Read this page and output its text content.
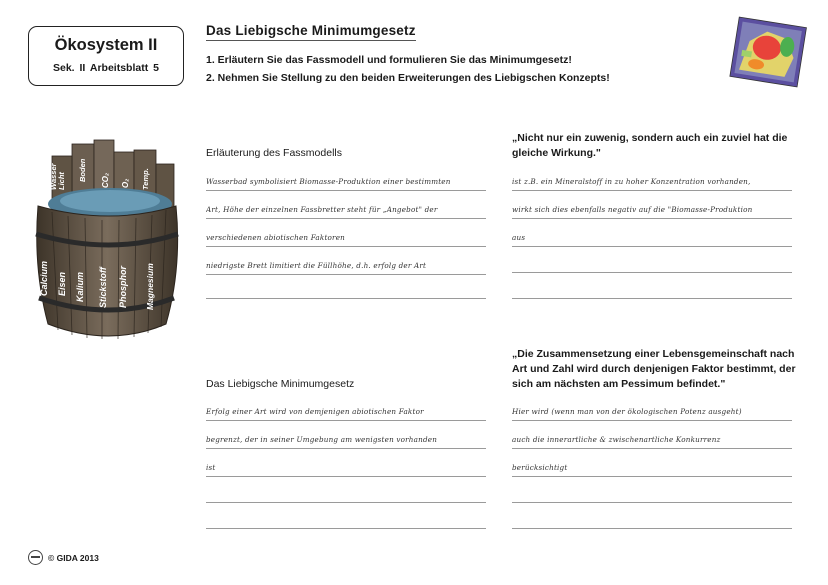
Ökosystem II
Sek. II Arbeitsblatt 5
Das Liebigsche Minimumgesetz
1. Erläutern Sie das Fassmodell und formulieren Sie das Minimumgesetz!
2. Nehmen Sie Stellung zu den beiden Erweiterungen des Liebigschen Konzepts!
Calcium Eisen Kalium Stickstoff Phosphor
Wasser Licht Boden CO₂ O₂ Temp.
Magnesium
Erläuterung des Fassmodells
Wasserbad symbolisiert Biomasse-Produktion einer bestimmten
Art, Höhe der einzelnen Fassbretter steht für „Angebot" der
verschiedenen abiotischen Faktoren
niedrigste Brett limitiert die Füllhöhe, d.h. erfolg der Art
„Nicht nur ein zuwenig, sondern auch ein zuviel hat die gleiche Wirkung."
ist z.B. ein Mineralstoff in zu hoher Konzentration vorhanden,
wirkt sich dies ebenfalls negativ auf die "Biomasse-Produktion
aus
Das Liebigsche Minimumgesetz
Erfolg einer Art wird von demjenigen abiotischen Faktor
begrenzt, der in seiner Umgebung am wenigsten vorhanden
ist
„Die Zusammensetzung einer Lebensgemeinschaft nach Art und Zahl wird durch denjenigen Faktor bestimmt, der sich am nächsten am Pessimum befindet."
Hier wird (wenn man von der ökologischen Potenz ausgeht)
auch die innerartliche & zwischenartliche Konkurrenz
berücksichtigt
© GIDA 2013
